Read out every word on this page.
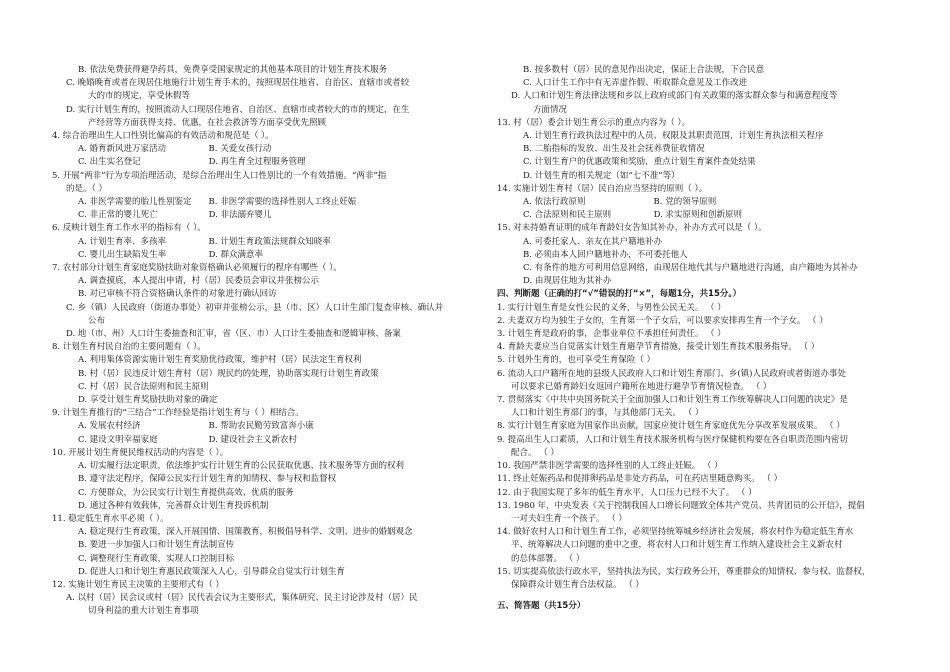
B. 依法免费获得避孕药具，免费享受国家规定的其他基本项目的计划生育技术服务
C. 晚婚晚育或者在现居住地施行计划生育手术的，按照现居住地省、自治区、直辖市或者较
大的市的规定，享受休假等
D. 实行计划生育的，按照流动人口现居住地省、自治区、直辖市或者较大的市的规定，在生
产经营等方面获得支持、优惠，在社会救济等方面享受优先照顾
4. 综合治理出生人口性别比偏高的有效活动和规范是（ ）。
A. 婚育新风进万家活动　　　　　B. 关爱女孩行动
C. 出生实名登记　　　　　　　　D. 再生育全过程服务管理
5. 开展“两非”行为专项治理活动，是综合治理出生人口性别比的一个有效措施。“两非”指
的是。（ ）
A. 非医学需要的胎儿性别鉴定　　B. 非医学需要的选择性别人工终止妊娠
C. 非正常的婴儿死亡　　　　　　D. 非法溺弃婴儿
6. 反映计划生育工作水平的指标有（ ）。
A. 计划生育率、多孩率　　　　　B. 计划生育政策法规群众知晓率
C. 婴儿出生缺陷发生率　　　　　D. 群众满意率
7. 农村部分计划生育家庭奖励扶助对象资格确认必须履行的程序有哪些（ ）。
A. 调查摸底，本人提出申请，村（居）民委员会审议并张榜公示
B. 对已审核不符合资格确认条件的对象进行确认回访
C. 乡（镇）人民政府（街道办事处）初审并张榜公示，县（市、区）人口计生部门复查审核、确认并
公布
D. 地（市、州）人口计生委抽查和汇审，省（区、市）人口计生委抽查和逻辑审核、备案
8. 计划生育村民自治的主要问题有（ ）。
A. 利用集体资源实施计划生育奖励优待政策，维护村（居）民法定生育权利
B. 村（居）民违反计划生育村（居）规民约的处理，协助落实现行计划生育政策
C. 村（居）民合法原则和民主原则
D. 享受计划生育奖励扶助对象的确定
9. 计划生育推行的“三结合”工作经验是指计划生育与（ ）相结合。
A. 发展农村经济　　　　　　　　B. 帮助农民勤劳致富奔小康
C. 建设文明幸福家庭　　　　　　D. 建设社会主义新农村
10. 开展计划生育便民维权活动的内容是（ ）。
A. 切实履行法定职责，依法维护实行计划生育的公民获取优惠、技术服务等方面的权利
B. 遵守法定程序，保障公民实行计划生育的知情权、参与权和监督权
C. 方便群众，为公民实行计划生育提供高效、优质的服务
D. 通过各种有效载体，完善群众计划生育投诉机制
11. 稳定低生育水平必须（ ）。
A. 稳定现行生育政策，深入开展国情、国策教育，积极倡导科学、文明、进步的婚姻观念
B. 要进一步加强人口和计划生育法制宣传
C. 调整现行生育政策，实现人口控制目标
D. 促进人口和计划生育惠民政策深入人心，引导群众自觉实行计划生育
12. 实施计划生育民主决策的主要形式有（ ）
A. 以村（居）民会议或村（居）民代表会议为主要形式，集体研究、民主讨论涉及村（居）民
切身利益的重大计划生育事项
B. 按多数村（居）民的意见作出决定，保证上合法规，下合民意
C. 人口计生工作中有无弄虚作假、听取群众意见及工作改进
D. 人口和计划生育法律法规和乡以上政府或部门有关政策的落实群众参与和满意程度等
方面情况
13. 村（居）委会计划生育公示的重点内容为（ ）。
A. 计划生育行政执法过程中的人员、权限及其职责范围，计划生育执法相关程序
B. 二胎指标的发放、出生及社会抚养费征收情况
C. 计划生育户的优惠政策和奖励，重点计划生育案件查处结果
D. 计划生育的相关规定（如“七不准”等）
14. 实施计划生育村（居）民自治应当坚持的原则（ ）。
A. 依法行政原则　　　　　　　　B. 党的领导原则
C. 合法原则和民主原则　　　　　D. 求实原则和创新原则
15. 对未持婚育证明的成年育龄妇女告知其补办，补办方式可以是（ ）。
A. 可委托家人、亲友在其户籍地补办
B. 必须由本人回户籍地补办，不可委托他人
C. 有条件的地方可利用信息网络，由现居住地代其与户籍地进行沟通，由户籍地为其补办
D. 由现居住地为其补办
四、判断题（正确的打“√”错误的打“×”，每题1分，共15分。）
1. 实行计划生育是女性公民的义务，与男性公民无关。 （ ）
2. 夫妻双方均为独生子女的，生育第一个子女后，可以要求安排再生育一个子女。 （ ）
3. 计划生育是政府的事，企事业单位不承担任何责任。 （ ）
4. 育龄夫妻应当自觉落实计划生育避孕节育措施，接受计划生育技术服务指导。 （ ）
5. 计划外生育的，也可享受生育保险（ ）
6. 流动人口户籍所在地的县级人民政府人口和计划生育部门、乡(镇)人民政府或者街道办事处
可以要求已婚育龄妇女返回户籍所在地进行避孕节育情况检查。 （ ）
7. 贯彻落实《中共中央国务院关于全面加强人口和计划生育工作统筹解决人口问题的决定》是
人口和计划生育部门的事，与其他部门无关。 （ ）
8. 实行计划生育家庭为国家作出贡献，国家应使计划生育家庭优先分享改革发展成果。 （ ）
9. 提高出生人口素质，人口和计划生育技术服务机构与医疗保健机构要在各自职责范围内密切
配合。 （ ）
10. 我国严禁非医学需要的选择性别的人工终止妊娠。 （ ）
11. 终止妊娠药品和促排卵药品是非处方药品，可在药店里随意购买。 （ ）
12. 由于我国实现了多年的低生育水平，人口压力已经不大了。 （ ）
13. 1980 年，中央发表《关于控制我国人口增长问题致全体共产党员、共青团员的公开信》，提倡
一对夫妇生育一个孩子。 （ ）
14. 做好农村人口和计划生育工作，必须坚持统筹城乡经济社会发展，将农村作为稳定低生育水
平、统筹解决人口问题的重中之重，将农村人口和计划生育工作纳入建设社会主义新农村
的总体部署。 （ ）
15. 切实提高依法行政水平，坚持执法为民，实行政务公开，尊重群众的知情权、参与权、监督权，
保障群众计划生育合法权益。 （ ）
五、简答题（共15分）
